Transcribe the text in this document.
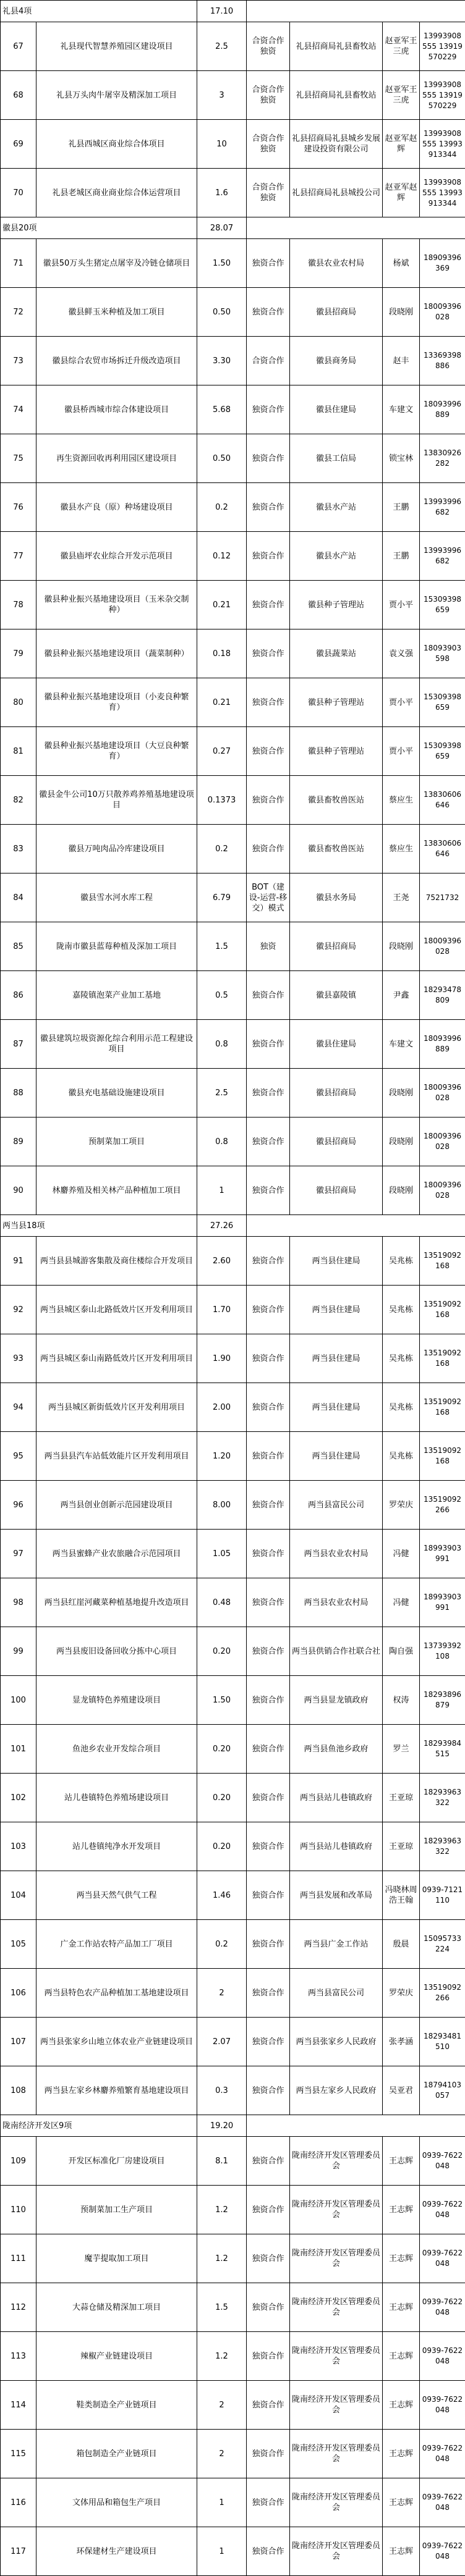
礼县4项		17.10				
67	礼县现代智慧养殖园区建设项目	2.5	合资合作独资	礼县招商局礼县畜牧站	赵亚军王三虎	13993908555 13919570229
68	礼县万头肉牛屠宰及精深加工项目	3	合资合作独资	礼县招商局礼县畜牧站	赵亚军王三虎	13993908555 13919570229
69	礼县西城区商业综合体项目	10	合资合作独资	礼县招商局礼县城乡发展建设投资有限公司	赵亚军赵辉	13993908555 13993913344
70	礼县老城区商业商业综合体运营项目	1.6	合资合作独资	礼县招商局礼县城投公司	赵亚军赵辉	13993908555 13993913344
徽县20项		28.07				
71	徽县50万头生猪定点屠宰及冷链仓储项目	1.50	独资合作	徽县农业农村局	杨斌	18909396369
72	徽县鲜玉米种植及加工项目	0.50	独资合作	徽县招商局	段晓刚	18009396028
73	徽县综合农贸市场拆迁升级改造项目	3.30	合资合作	徽县商务局	赵丰	13369398886
74	徽县桥西城市综合体建设项目	5.68	独资合作	徽县住建局	车建文	18093996889
75	再生资源回收再利用园区建设项目	0.50	独资合作	徽县工信局	锁宝林	13830926282
76	徽县水产良（原）种场建设项目	0.2	独资合作	徽县水产站	王鹏	13993996682
77	徽县庙坪农业综合开发示范项目	0.12	独资合作	徽县水产站	王鹏	13993996682
78	徽县种业振兴基地建设项目（玉米杂交制种）	0.21	独资合作	徽县种子管理站	贾小平	15309398659
79	徽县种业振兴基地建设项目（蔬菜制种）	0.18	独资合作	徽县蔬菜站	袁义强	18093903598
80	徽县种业振兴基地建设项目（小麦良种繁育）	0.21	独资合作	徽县种子管理站	贾小平	15309398659
81	徽县种业振兴基地建设项目（大豆良种繁育）	0.27	独资合作	徽县种子管理站	贾小平	15309398659
82	徽县金牛公司10万只散养鸡养殖基地建设项目	0.1373	独资合作	徽县畜牧兽医站	蔡应生	13830606646
83	徽县万吨肉品冷库建设项目	0.2	独资合作	徽县畜牧兽医站	蔡应生	13830606646
84	徽县雪水河水库工程	6.79	BOT（建设-运营-移交）模式	徽县水务局	王尧	7521732
85	陇南市徽县蓝莓种植及深加工项目	1.5	独资	徽县招商局	段晓刚	18009396028
86	嘉陵镇泡菜产业加工基地	0.5	独资合作	徽县嘉陵镇	尹鑫	18293478809
87	徽县建筑垃圾资源化综合利用示范工程建设项目	0.8	独资合作	徽县住建局	车建文	18093996889
88	徽县充电基础设施建设项目	2.5	独资合作	徽县招商局	段晓刚	18009396028
89	预制菜加工项目	0.8	独资合作	徽县招商局	段晓刚	18009396028
90	林麝养殖及相关林产品种植加工项目	1	独资合作	徽县招商局	段晓刚	18009396028
两当县18项		27.26				
91	两当县县城游客集散及商住楼综合开发项目	2.60	独资合作	两当县住建局	吴兆栋	13519092168
92	两当县城区泰山北路低效片区开发利用项目	1.70	独资合作	两当县住建局	吴兆栋	13519092168
93	两当县城区泰山南路低效片区开发利用项目	1.90	独资合作	两当县住建局	吴兆栋	13519092168
94	两当县城区新街低效片区开发利用项目	2.00	独资合作	两当县住建局	吴兆栋	13519092168
95	两当县县汽车站低效能片区开发利用项目	1.20	独资合作	两当县住建局	吴兆栋	13519092168
96	两当县创业创新示范园建设项目	8.00	独资合作	两当县富民公司	罗荣庆	13519092266
97	两当县蜜蜂产业农旅融合示范园项目	1.05	独资合作	两当县农业农村局	冯健	18993903991
98	两当县红崖河藏菜种植基地提升改造项目	0.48	独资合作	两当县农业农村局	冯健	18993903991
99	两当县废旧设备回收分拣中心项目	0.20	独资合作	两当县供销合作社联合社	陶自强	13739392108
100	显龙镇特色养殖建设项目	1.50	独资合作	两当县显龙镇政府	权涛	18293896879
101	鱼池乡农业开发综合项目	0.20	独资合作	两当县鱼池乡政府	罗兰	18293984515
102	站儿巷镇特色养殖场建设项目	0.20	独资合作	两当县站儿巷镇政府	王亚琼	18293963322
103	站儿巷镇纯净水开发项目	0.20	独资合作	两当县站儿巷镇政府	王亚琼	18293963322
104	两当县天然气供气工程	1.46	独资合作	两当县发展和改革局	冯晓林周浩王翰	0939-7121110
105	广金工作站农特产品加工厂项目	0.2	独资合作	两当县广金工作站	殷晨	15095733224
106	两当县特色农产品种植加工基地建设项目	2	独资合作	两当县富民公司	罗荣庆	13519092266
107	两当县张家乡山地立体农业产业链建设项目	2.07	独资合作	两当县张家乡人民政府	张孝涵	18293481510
108	两当县左家乡林麝养殖繁育基地建设项目	0.3	独资合作	两当县左家乡人民政府	吴亚君	18794103057
陇南经济开发区9项		19.20				
109	开发区标准化厂房建设项目	8.1	独资合作	陇南经济开发区管理委员会	王志辉	0939-7622048
110	预制菜加工生产项目	1.2	独资合作	陇南经济开发区管理委员会	王志辉	0939-7622048
111	魔芋提取加工项目	1.2	独资合作	陇南经济开发区管理委员会	王志辉	0939-7622048
112	大蒜仓储及精深加工项目	1.5	独资合作	陇南经济开发区管理委员会	王志辉	0939-7622048
113	辣椒产业链建设项目	1.2	独资合作	陇南经济开发区管理委员会	王志辉	0939-7622048
114	鞋类制造全产业链项目	2	独资合作	陇南经济开发区管理委员会	王志辉	0939-7622048
115	箱包制造全产业链项目	2	独资合作	陇南经济开发区管理委员会	王志辉	0939-7622048
116	文体用品和箱包生产项目	1	独资合作	陇南经济开发区管理委员会	王志辉	0939-7622048
117	环保建材生产建设项目	1	独资合作	陇南经济开发区管理委员会	王志辉	0939-7622048
